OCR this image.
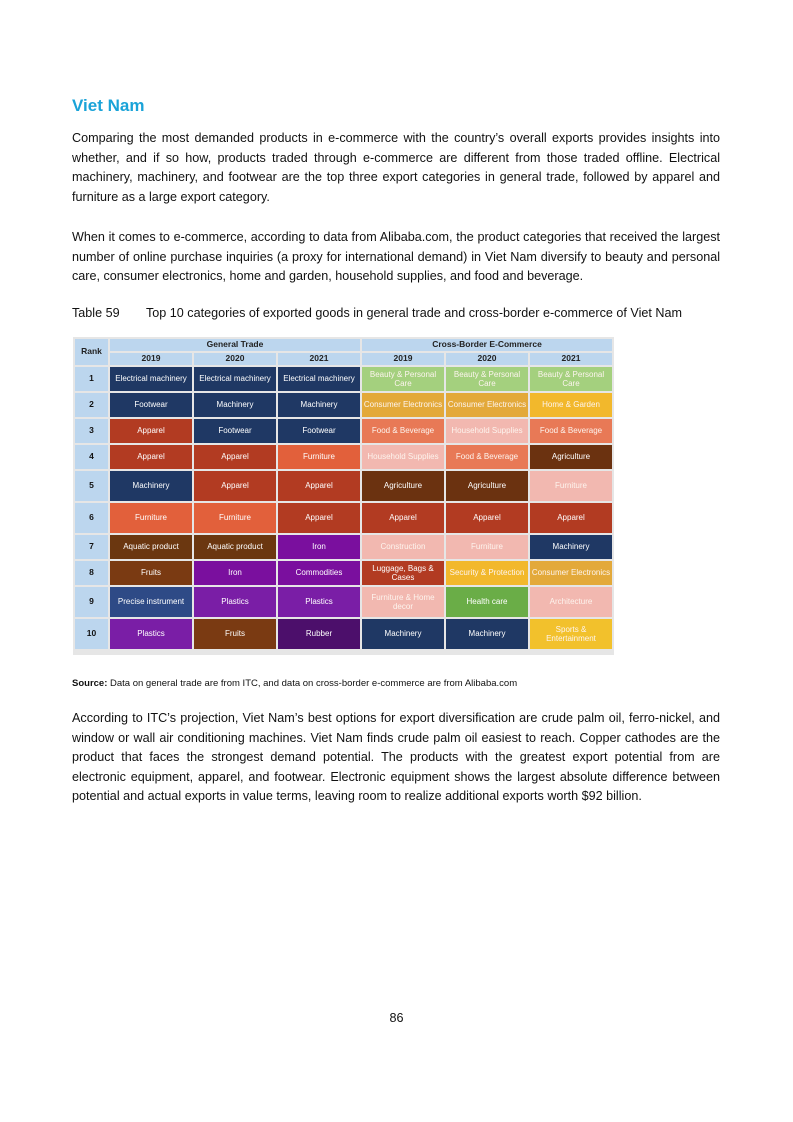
Viet Nam

Comparing the most demanded products in e-commerce with the country’s overall exports provides insights into whether, and if so how, products traded through e-commerce are different from those traded offline. Electrical machinery, machinery, and footwear are the top three export categories in general trade, followed by apparel and furniture as a large export category.

When it comes to e-commerce, according to data from Alibaba.com, the product categories that received the largest number of online purchase inquiries (a proxy for international demand) in Viet Nam diversify to beauty and personal care, consumer electronics, home and garden, household supplies, and food and beverage.

Table 59 Top 10 categories of exported goods in general trade and cross-border e-commerce of Viet Nam

Rank	General Trade			Cross-Border E-Commerce		
	2019	2020	2021	2019	2020	2021
1	Electrical machinery	Electrical machinery	Electrical machinery	Beauty & Personal Care	Beauty & Personal Care	Beauty & Personal Care
2	Footwear	Machinery	Machinery	Consumer Electronics	Consumer Electronics	Home & Garden
3	Apparel	Footwear	Footwear	Food & Beverage	Household Supplies	Food & Beverage
4	Apparel	Apparel	Furniture	Household Supplies	Food & Beverage	Agriculture
5	Machinery	Apparel	Apparel	Agriculture	Agriculture	Furniture
6	Furniture	Furniture	Apparel	Apparel	Apparel	Apparel
7	Aquatic product	Aquatic product	Iron	Construction	Furniture	Machinery
8	Fruits	Iron	Commodities	Luggage, Bags & Cases	Security & Protection	Consumer Electronics
9	Precise instrument	Plastics	Plastics	Furniture & Home decor	Health care	Architecture
10	Plastics	Fruits	Rubber	Machinery	Machinery	Sports & Entertainment

Source: Data on general trade are from ITC, and data on cross-border e-commerce are from Alibaba.com

According to ITC’s projection, Viet Nam’s best options for export diversification are crude palm oil, ferro-nickel, and window or wall air conditioning machines. Viet Nam finds crude palm oil easiest to reach. Copper cathodes are the product that faces the strongest demand potential. The products with the greatest export potential from are electronic equipment, apparel, and footwear. Electronic equipment shows the largest absolute difference between potential and actual exports in value terms, leaving room to realize additional exports worth $92 billion.

86
